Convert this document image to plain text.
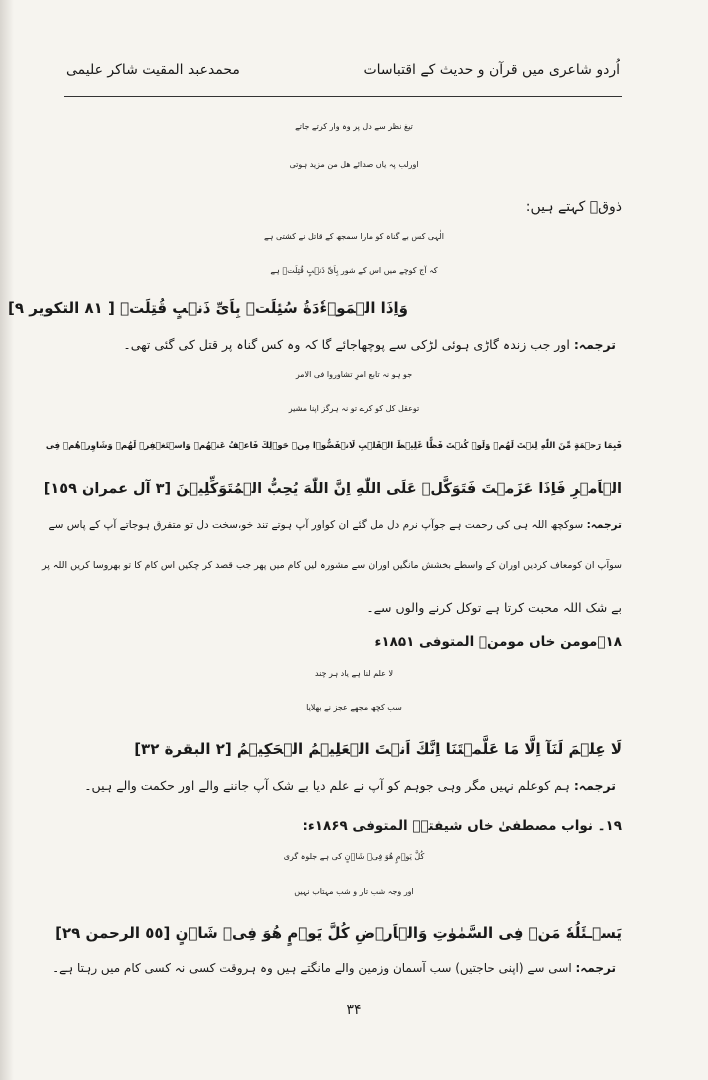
اُردو شاعری میں قرآن و حدیث کے اقتباسات
محمدعبد المقیت شاکر علیمی
تیغ نظر سے دل پر وہ وار کرتے جاتے
اورلب پہ یاں صدائے ھل من مزید ہوتی
ذوقؔ کہتے ہیں:
الٰہی کس بے گناہ کو مارا سمجھ کے قاتل نے کشتی ہے
کہ آج کوچے میں اس کے شور بِاَیِّ ذَنۡبٍ قُتِلَتۡ ہے
وَاِذَا الۡمَوۡءٗدَةُ سُئِلَتۡ بِاَیِّ ذَنۡبٍ قُتِلَتۡ [ ٨١ التکویر ٩]
ترجمہ: اور جب زندہ گاڑی ہوئی لڑکی سے پوچھاجائے گا کہ وہ کس گناہ پر قتل کی گئی تھی۔
جو ہو نہ تابع امرِ تشاوروا فی الامر
توعقل کل کو کرے تو نہ ہرگز اپنا مشیر
فَبِمَا رَحۡمَةٍ مِّنَ اللّٰهِ لِنۡتَ لَهُمۡ وَلَوۡ كُنۡتَ فَظًّا غَلِيۡظَ الۡقَلۡبِ لَانۡفَضُّوۡا مِنۡ حَوۡلِكَ فَاعۡفُ عَنۡهُمۡ وَاسۡتَغۡفِرۡ لَهُمۡ وَشَاوِرۡهُمۡ فِى
الۡاَمۡرِ فَاِذَا عَزَمۡتَ فَتَوَكَّلۡ عَلَى اللّٰهِ اِنَّ اللّٰهَ يُحِبُّ الۡمُتَوَكِّلِيۡنَ [٣ آل عمران ١٥٩]
ترجمہ: سوکچھ اللہ ہی کی رحمت ہے جوآپ نرم دل مل گئے ان کواور آپ ہوتے تند خو،سخت دل تو متفرق ہوجاتے آپ کے پاس سے
سوآپ ان کومعاف کردیں اوران کے واسطے بخشش مانگیں اوران سے مشورہ لیں کام میں پھر جب قصد کر چکیں اس کام کا تو بھروسا کریں اللہ پر
بے شک اللہ محبت کرتا ہے توکل کرنے والوں سے۔
۱۸۔مومن خاں مومنؔ المتوفی ۱۸۵۱ء
لا علم لنا ہے یاد ہر چند
سب کچھ مجھے عجز نے بھلایا
لَا عِلۡمَ لَنَآ اِلَّا مَا عَلَّمۡتَنَا اِنَّكَ اَنۡتَ الۡعَلِيۡمُ الۡحَكِيۡمُ [٢ البقرة ٣٢]
ترجمہ: ہم کوعلم نہیں مگر وہی جوہم کو آپ نے علم دیا بے شک آپ جاننے والے اور حکمت والے ہیں۔
۱۹۔ نواب مصطفیٰ خاں شیفتہؔ المتوفی ۱۸۶۹ء:
كُلَّ يَوۡمٍ هُوَ فِىۡ شَاۡنٍ کی ہے جلوہ گری
اور وجہ شب تار و شب مہتاب نہیں
يَسۡـئَلُهٗ مَنۡ فِى السَّمٰوٰتِ وَالۡاَرۡضِ كُلَّ يَوۡمٍ هُوَ فِىۡ شَاۡنٍ [٥٥ الرحمن ٢٩]
ترجمہ: اسی سے (اپنی حاجتیں) سب آسمان وزمین والے مانگتے ہیں وہ ہروقت کسی نہ کسی کام میں رہتا ہے۔
۳۴
